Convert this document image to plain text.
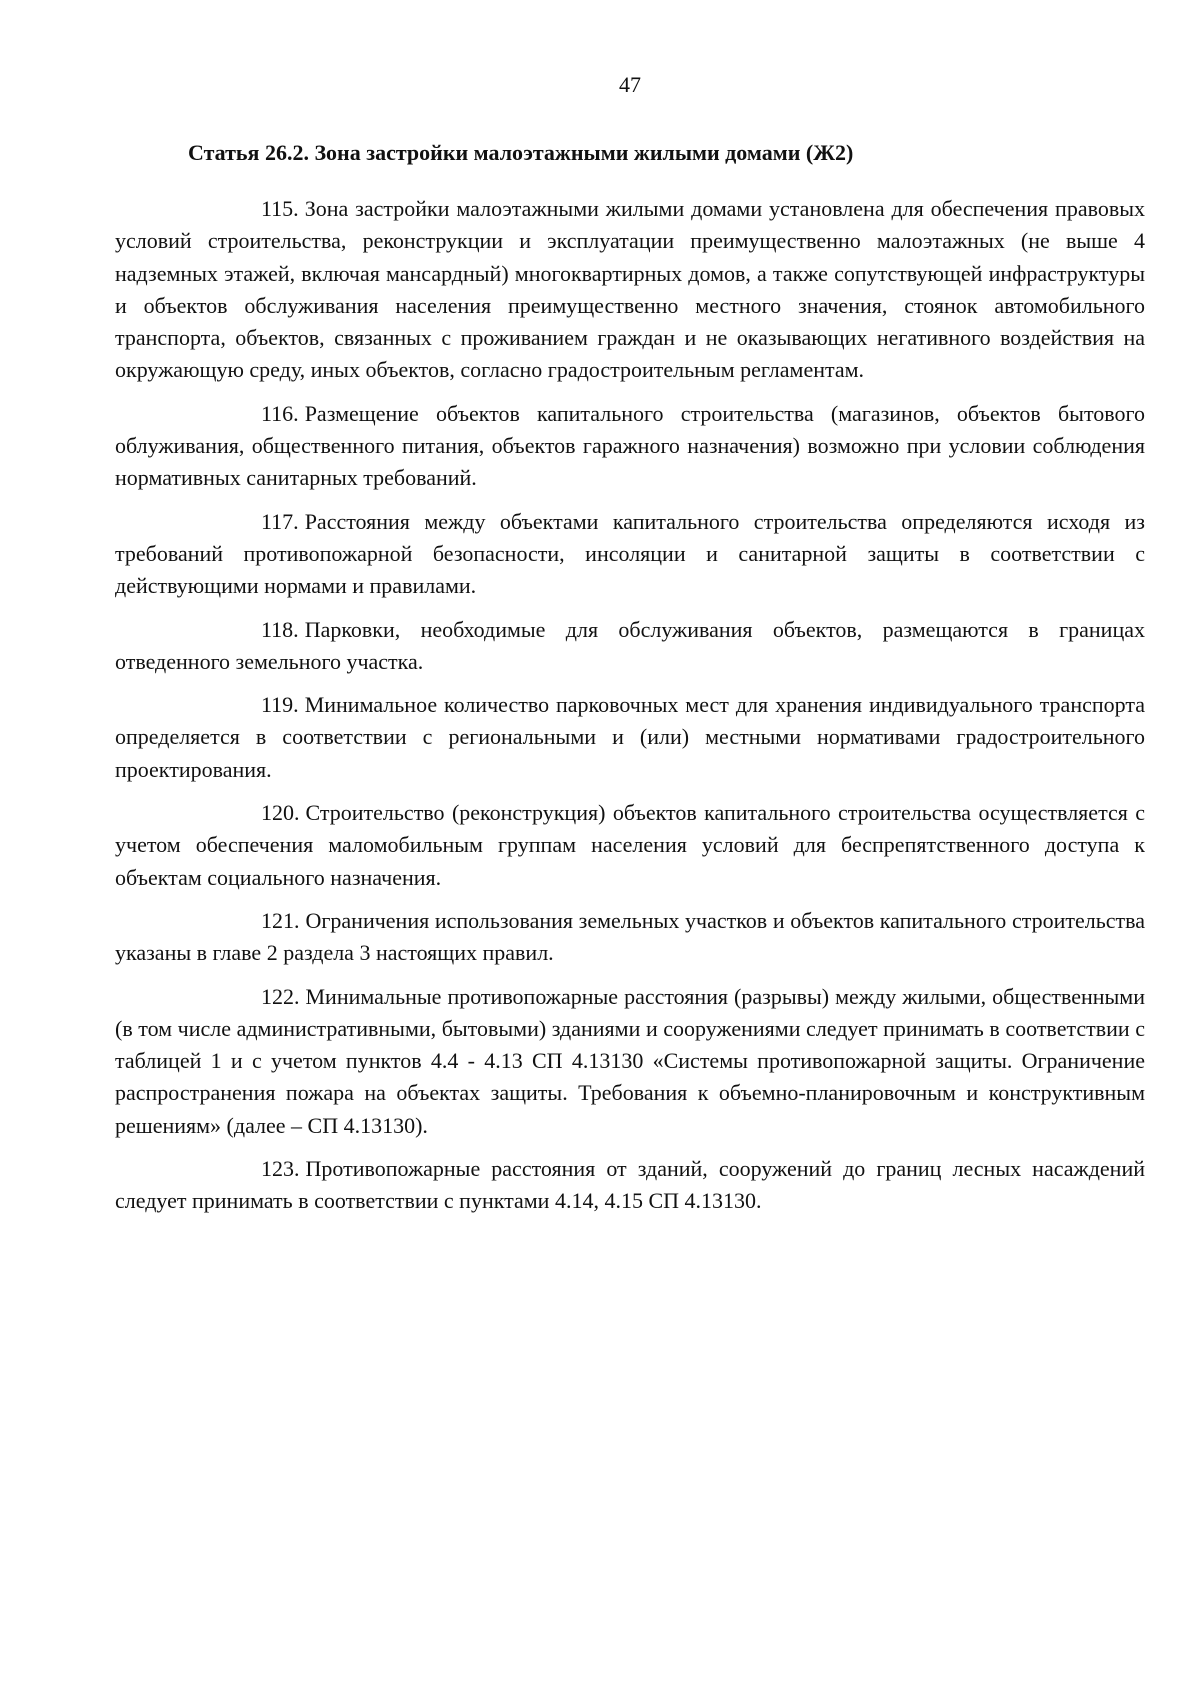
47
Статья 26.2. Зона застройки малоэтажными жилыми домами (Ж2)

115. Зона застройки малоэтажными жилыми домами установлена для обеспечения правовых условий строительства, реконструкции и эксплуатации преимущественно малоэтажных (не выше 4 надземных этажей, включая мансардный) многоквартирных домов, а также сопутствующей инфраструктуры и объектов обслуживания населения преимущественно местного значения, стоянок автомобильного транспорта, объектов, связанных с проживанием граждан и не оказывающих негативного воздействия на окружающую среду, иных объектов, согласно градостроительным регламентам.

116. Размещение объектов капитального строительства (магазинов, объектов бытового облуживания, общественного питания, объектов гаражного назначения) возможно при условии соблюдения нормативных санитарных требований.

117. Расстояния между объектами капитального строительства определяются исходя из требований противопожарной безопасности, инсоляции и санитарной защиты в соответствии с действующими нормами и правилами.

118. Парковки, необходимые для обслуживания объектов, размещаются в границах отведенного земельного участка.

119. Минимальное количество парковочных мест для хранения индивидуального транспорта определяется в соответствии с региональными и (или) местными нормативами градостроительного проектирования.

120. Строительство (реконструкция) объектов капитального строительства осуществляется с учетом обеспечения маломобильным группам населения условий для беспрепятственного доступа к объектам социального назначения.

121. Ограничения использования земельных участков и объектов капитального строительства указаны в главе 2 раздела 3 настоящих правил.

122. Минимальные противопожарные расстояния (разрывы) между жилыми, общественными (в том числе административными, бытовыми) зданиями и сооружениями следует принимать в соответствии с таблицей 1 и с учетом пунктов 4.4 - 4.13 СП 4.13130 «Системы противопожарной защиты. Ограничение распространения пожара на объектах защиты. Требования к объемно-планировочным и конструктивным решениям» (далее – СП 4.13130).

123. Противопожарные расстояния от зданий, сооружений до границ лесных насаждений следует принимать в соответствии с пунктами 4.14, 4.15 СП 4.13130.
